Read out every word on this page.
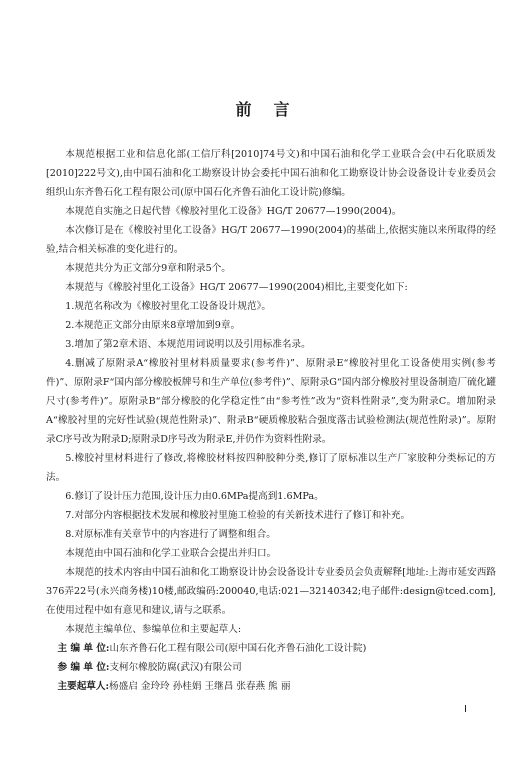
前 言

本规范根据工业和信息化部(工信厅科[2010]74号文)和中国石油和化学工业联合会(中石化联质发[2010]222号文),由中国石油和化工勘察设计协会委托中国石油和化工勘察设计协会设备设计专业委员会组织山东齐鲁石化工程有限公司(原中国石化齐鲁石油化工设计院)修编。

本规范自实施之日起代替《橡胶衬里化工设备》HG/T 20677—1990(2004)。

本次修订是在《橡胶衬里化工设备》HG/T 20677—1990(2004)的基础上,依据实施以来所取得的经验,结合相关标准的变化进行的。

本规范共分为正文部分9章和附录5个。

本规范与《橡胶衬里化工设备》HG/T 20677—1990(2004)相比,主要变化如下:

1.规范名称改为《橡胶衬里化工设备设计规范》。

2.本规范正文部分由原来8章增加到9章。

3.增加了第2章术语、本规范用词说明以及引用标准名录。

4.删减了原附录A“橡胶衬里材料质量要求(参考件)”、原附录E“橡胶衬里化工设备使用实例(参考件)”、原附录F“国内部分橡胶板牌号和生产单位(参考件)”、原附录G“国内部分橡胶衬里设备制造厂硫化罐尺寸(参考件)”。原附录B“部分橡胶的化学稳定性”由“参考性”改为“资料性附录”,变为附录C。增加附录A“橡胶衬里的完好性试验(规范性附录)”、附录B“硬质橡胶粘合强度落击试验检测法(规范性附录)”。原附录C序号改为附录D;原附录D序号改为附录E,并仍作为资料性附录。

5.橡胶衬里材料进行了修改,将橡胶材料按四种胶种分类,修订了原标准以生产厂家胶种分类标记的方法。

6.修订了设计压力范围,设计压力由0.6MPa提高到1.6MPa。

7.对部分内容根据技术发展和橡胶衬里施工检验的有关新技术进行了修订和补充。

8.对原标准有关章节中的内容进行了调整和组合。

本规范由中国石油和化学工业联合会提出并归口。

本规范的技术内容由中国石油和化工勘察设计协会设备设计专业委员会负责解释[地址:上海市延安西路376弄22号(永兴商务楼)10楼,邮政编码:200040,电话:021—32140342;电子邮件:design@tced.com],在使用过程中如有意见和建议,请与之联系。

本规范主编单位、参编单位和主要起草人:

主 编 单 位:山东齐鲁石化工程有限公司(原中国石化齐鲁石油化工设计院)

参 编 单 位:支柯尔橡胶防腐(武汉)有限公司

主要起草人:杨盛启 金玲玲 孙桂娟 王继昌 张春燕 熊 丽

I
